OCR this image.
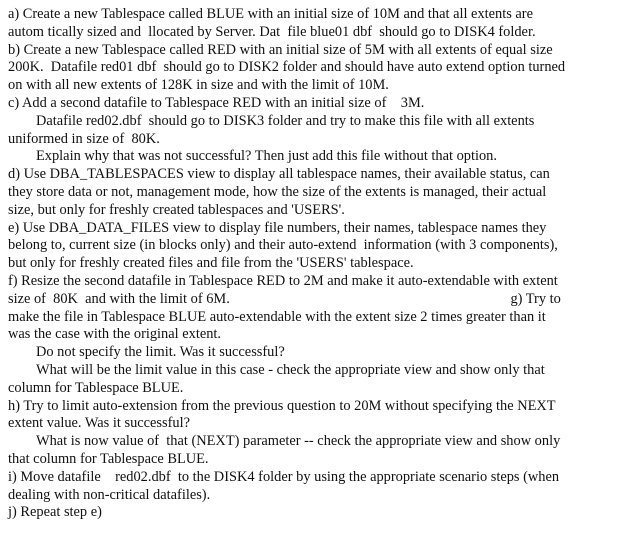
a) Create a new Tablespace called BLUE with an initial size of 10M and that all extents are
autom tically sized and  llocated by Server. Dat  file blue01 dbf  should go to DISK4 folder.
b) Create a new Tablespace called RED with an initial size of 5M with all extents of equal size
200K.  Datafile red01 dbf  should go to DISK2 folder and should have auto extend option turned
on with all new extents of 128K in size and with the limit of 10M.
c) Add a second datafile to Tablespace RED with an initial size of    3M.
Datafile red02.dbf  should go to DISK3 folder and try to make this file with all extents
uniformed in size of  80K.
Explain why that was not successful? Then just add this file without that option.
d) Use DBA_TABLESPACES view to display all tablespace names, their available status, can
they store data or not, management mode, how the size of the extents is managed, their actual
size, but only for freshly created tablespaces and 'USERS'.
e) Use DBA_DATA_FILES view to display file numbers, their names, tablespace names they
belong to, current size (in blocks only) and their auto-extend  information (with 3 components),
but only for freshly created files and file from the 'USERS' tablespace.
f) Resize the second datafile in Tablespace RED to 2M and make it auto-extendable with extent
size of  80K  and with the limit of 6M.                                                                              g) Try to
make the file in Tablespace BLUE auto-extendable with the extent size 2 times greater than it
was the case with the original extent.
Do not specify the limit. Was it successful?
What will be the limit value in this case - check the appropriate view and show only that
column for Tablespace BLUE.
h) Try to limit auto-extension from the previous question to 20M without specifying the NEXT
extent value. Was it successful?
What is now value of  that (NEXT) parameter -- check the appropriate view and show only
that column for Tablespace BLUE.
i) Move datafile    red02.dbf  to the DISK4 folder by using the appropriate scenario steps (when
dealing with non-critical datafiles).
j) Repeat step e)
